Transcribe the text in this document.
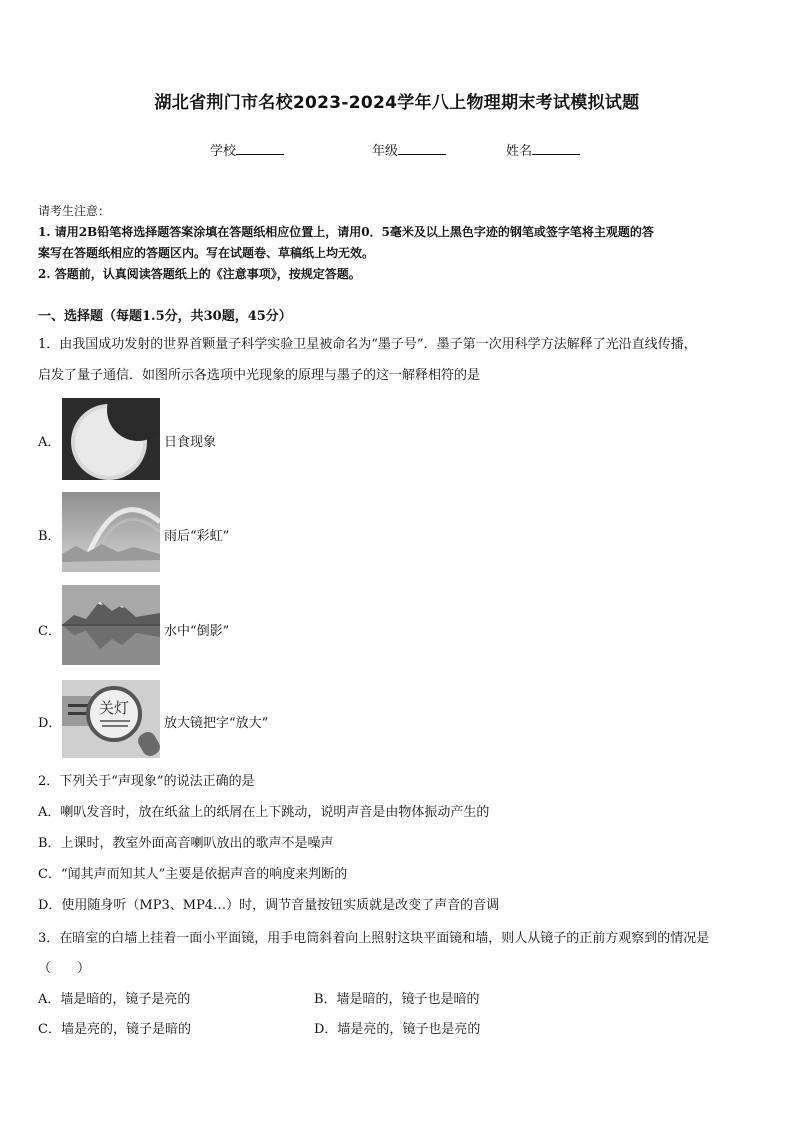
湖北省荆门市名校2023-2024学年八上物理期末考试模拟试题
学校	年级	姓名
请考生注意：
1. 请用2B铅笔将选择题答案涂填在答题纸相应位置上，请用0．5毫米及以上黑色字迹的钢笔或签字笔将主观题的答
案写在答题纸相应的答题区内。写在试题卷、草稿纸上均无效。
2. 答题前，认真阅读答题纸上的《注意事项》，按规定答题。
一、选择题（每题1.5分，共30题，45分）
1．由我国成功发射的世界首颗量子科学实验卫星被命名为“墨子号”．墨子第一次用科学方法解释了光沿直线传播，
启发了量子通信．如图所示各选项中光现象的原理与墨子的这一解释相符的是
A．	日食现象
B．	雨后“彩虹”
C．	水中“倒影”
D．
关灯
放大镜把字“放大”
2．下列关于“声现象”的说法正确的是
A．喇叭发音时，放在纸盆上的纸屑在上下跳动，说明声音是由物体振动产生的
B．上课时，教室外面高音喇叭放出的歌声不是噪声
C．“闻其声而知其人”主要是依据声音的响度来判断的
D．使用随身听（MP3、MP4…）时，调节音量按钮实质就是改变了声音的音调
3．在暗室的白墙上挂着一面小平面镜，用手电筒斜着向上照射这块平面镜和墙，则人从镜子的正前方观察到的情况是
（　　）
A．墙是暗的，镜子是亮的	B．墙是暗的，镜子也是暗的
C．墙是亮的，镜子是暗的	D．墙是亮的，镜子也是亮的
